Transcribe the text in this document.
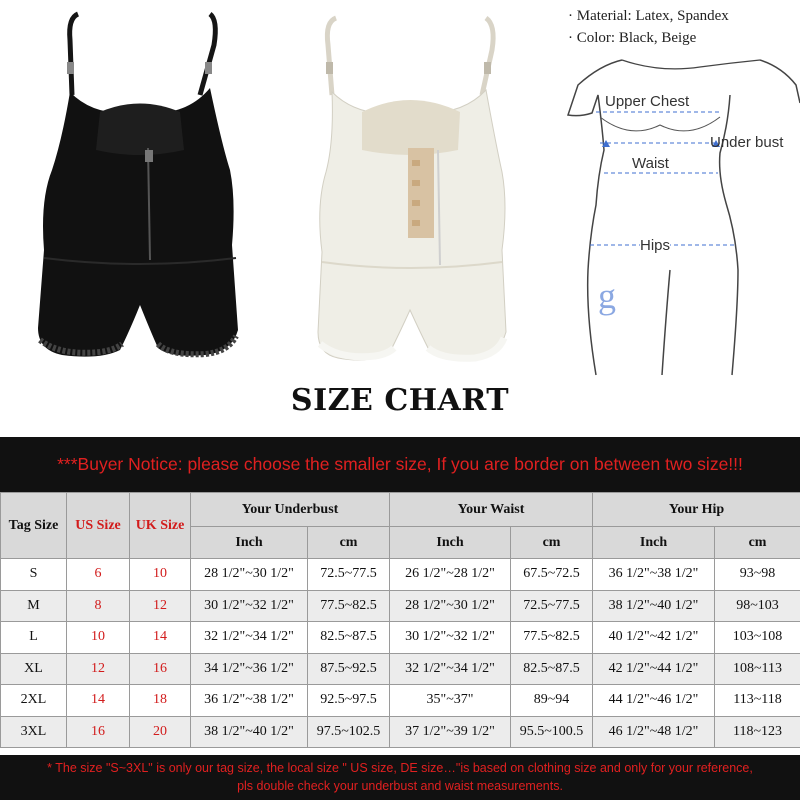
· Material: Latex, Spandex
· Color: Black, Beige
Upper Chest
Under bust
Waist
Hips
g
SIZE CHART
***Buyer Notice: please choose the smaller size, If you are border on between two size!!!
Tag Size	US Size	UK Size	Your Underbust		Your Waist		Your Hip	
			Inch	cm	Inch	cm	Inch	cm
S	6	10	28 1/2"~30 1/2"	72.5~77.5	26 1/2"~28 1/2"	67.5~72.5	36 1/2"~38 1/2"	93~98
M	8	12	30 1/2"~32 1/2"	77.5~82.5	28 1/2"~30 1/2"	72.5~77.5	38 1/2"~40 1/2"	98~103
L	10	14	32 1/2"~34 1/2"	82.5~87.5	30 1/2"~32 1/2"	77.5~82.5	40 1/2"~42 1/2"	103~108
XL	12	16	34 1/2"~36 1/2"	87.5~92.5	32 1/2"~34 1/2"	82.5~87.5	42 1/2"~44 1/2"	108~113
2XL	14	18	36 1/2"~38 1/2"	92.5~97.5	35"~37"	89~94	44 1/2"~46 1/2"	113~118
3XL	16	20	38 1/2"~40 1/2"	97.5~102.5	37 1/2"~39 1/2"	95.5~100.5	46 1/2"~48 1/2"	118~123
* The size "S~3XL" is only our tag size, the local size " US size, DE size…"is based on clothing size and only for your reference,
pls double check your underbust and waist measurements.
